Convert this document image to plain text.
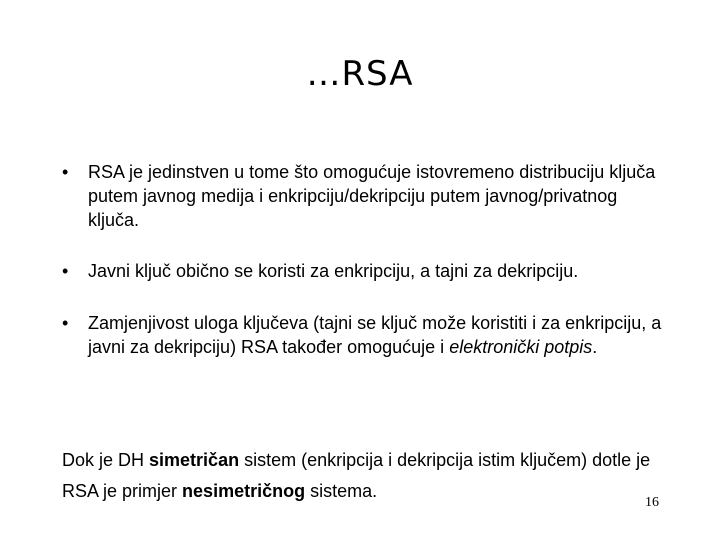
…RSA
•	RSA je jedinstven u tome što omogućuje istovremeno distribuciju ključa putem javnog medija i enkripciju/dekripciju putem javnog/privatnog ključa.
•	Javni ključ obično se koristi za enkripciju, a tajni za dekripciju.
•	Zamjenjivost uloga ključeva (tajni se ključ može koristiti i za enkripciju, a javni za dekripciju) RSA također omogućuje i elektronički potpis.

Dok je DH simetričan sistem (enkripcija i dekripcija istim ključem) dotle je RSA je primjer nesimetričnog sistema.

16
